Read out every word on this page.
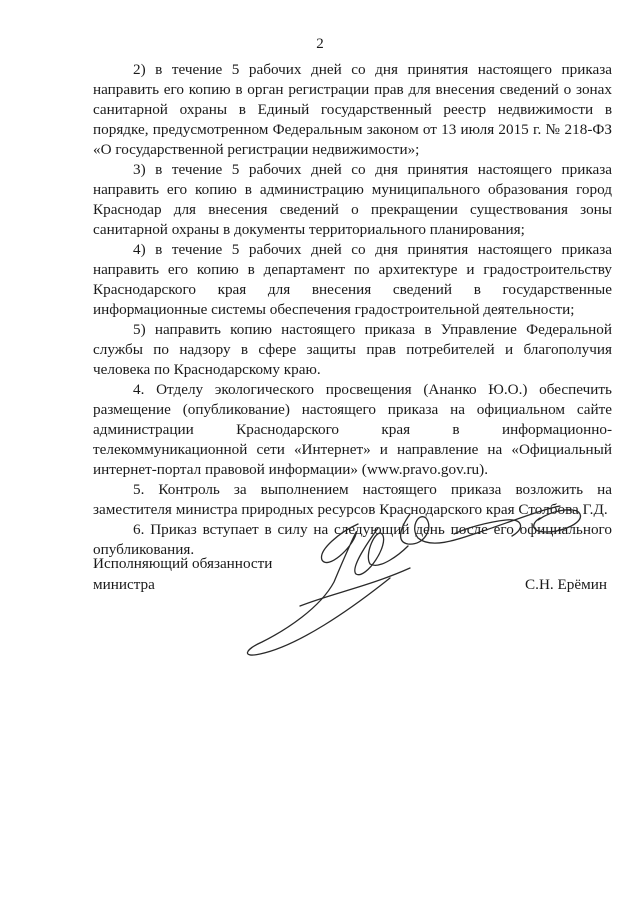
2

2) в течение 5 рабочих дней со дня принятия настоящего приказа направить его копию в орган регистрации прав для внесения сведений о зонах санитарной охраны в Единый государственный реестр недвижимости в порядке, предусмотренном Федеральным законом от 13 июля 2015 г. № 218-ФЗ «О государственной регистрации недвижимости»;

3) в течение 5 рабочих дней со дня принятия настоящего приказа направить его копию в администрацию муниципального образования город Краснодар для внесения сведений о прекращении существования зоны санитарной охраны в документы территориального планирования;

4) в течение 5 рабочих дней со дня принятия настоящего приказа направить его копию в департамент по архитектуре и градостроительству Краснодарского края для внесения сведений в государственные информационные системы обеспечения градостроительной деятельности;

5) направить копию настоящего приказа в Управление Федеральной службы по надзору в сфере защиты прав потребителей и благополучия человека по Краснодарскому краю.

4. Отделу экологического просвещения (Ананко Ю.О.) обеспечить размещение (опубликование) настоящего приказа на официальном сайте администрации Краснодарского края в информационно-телекоммуникационной сети «Интернет» и направление на «Официальный интернет-портал правовой информации» (www.pravo.gov.ru).

5. Контроль за выполнением настоящего приказа возложить на заместителя министра природных ресурсов Краснодарского края Столбова Г.Д.

6. Приказ вступает в силу на следующий день после его официального опубликования.

Исполняющий обязанности
министра	С.Н. Ерёмин
